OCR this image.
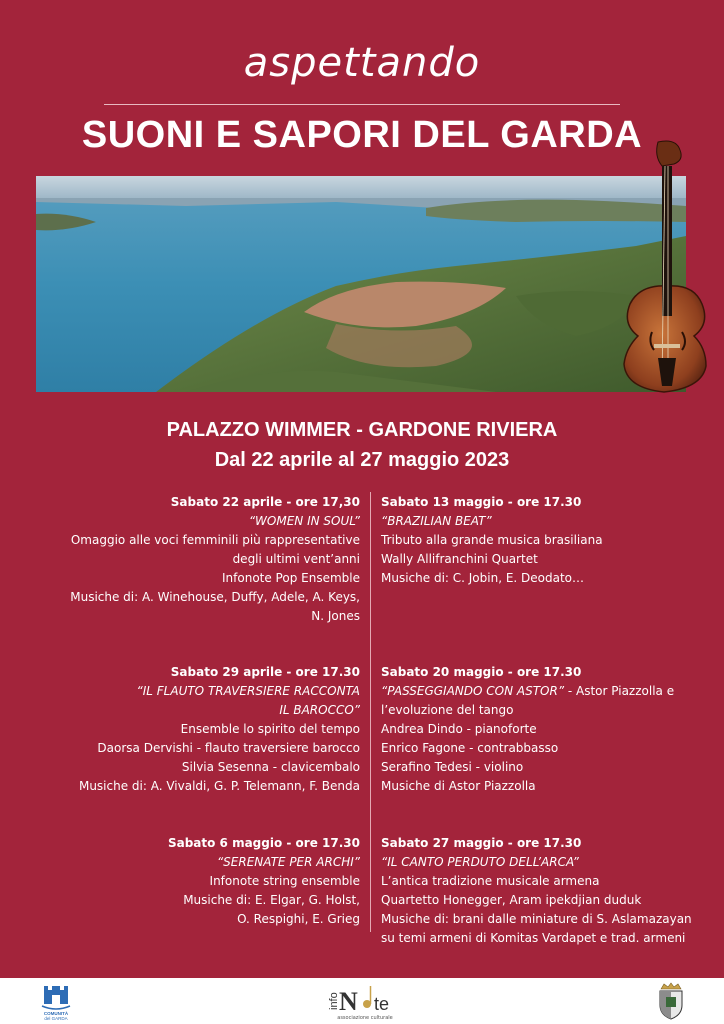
aspettando
SUONI E SAPORI DEL GARDA
PALAZZO WIMMER - GARDONE RIVIERA
Dal 22 aprile al 27 maggio 2023
Sabato 22 aprile - ore 17,30
“WOMEN IN SOUL”
Omaggio alle voci femminili più rappresentative
degli ultimi vent’anni
Infonote Pop Ensemble
Musiche di: A. Winehouse, Duffy, Adele, A. Keys,
N. Jones
Sabato 29 aprile - ore 17.30
“IL FLAUTO TRAVERSIERE RACCONTA
IL BAROCCO”
Ensemble lo spirito del tempo
Daorsa Dervishi - flauto traversiere barocco
Silvia Sesenna - clavicembalo
Musiche di: A. Vivaldi, G. P. Telemann, F. Benda
Sabato 6 maggio - ore 17.30
“SERENATE PER ARCHI”
Infonote string ensemble
Musiche di: E. Elgar, G. Holst,
O. Respighi, E. Grieg
Sabato 13 maggio - ore 17.30
“BRAZILIAN BEAT”
Tributo alla grande musica brasiliana
Wally Allifranchini Quartet
Musiche di: C. Jobin, E. Deodato…
Sabato 20 maggio - ore 17.30
“PASSEGGIANDO CON ASTOR” - Astor Piazzolla e
l’evoluzione del tango
Andrea Dindo - pianoforte
Enrico Fagone - contrabbasso
Serafino Tedesi - violino
Musiche di Astor Piazzolla
Sabato 27 maggio - ore 17.30
“IL CANTO PERDUTO DELL’ARCA”
L’antica tradizione musicale armena
Quartetto Honegger, Aram ipekdjian duduk
Musiche di: brani dalle miniature di S. Aslamazayan
su temi armeni di Komitas Vardapet e trad. armeni
COMUNITÀ
del GARDA
info N te
associazione culturale
